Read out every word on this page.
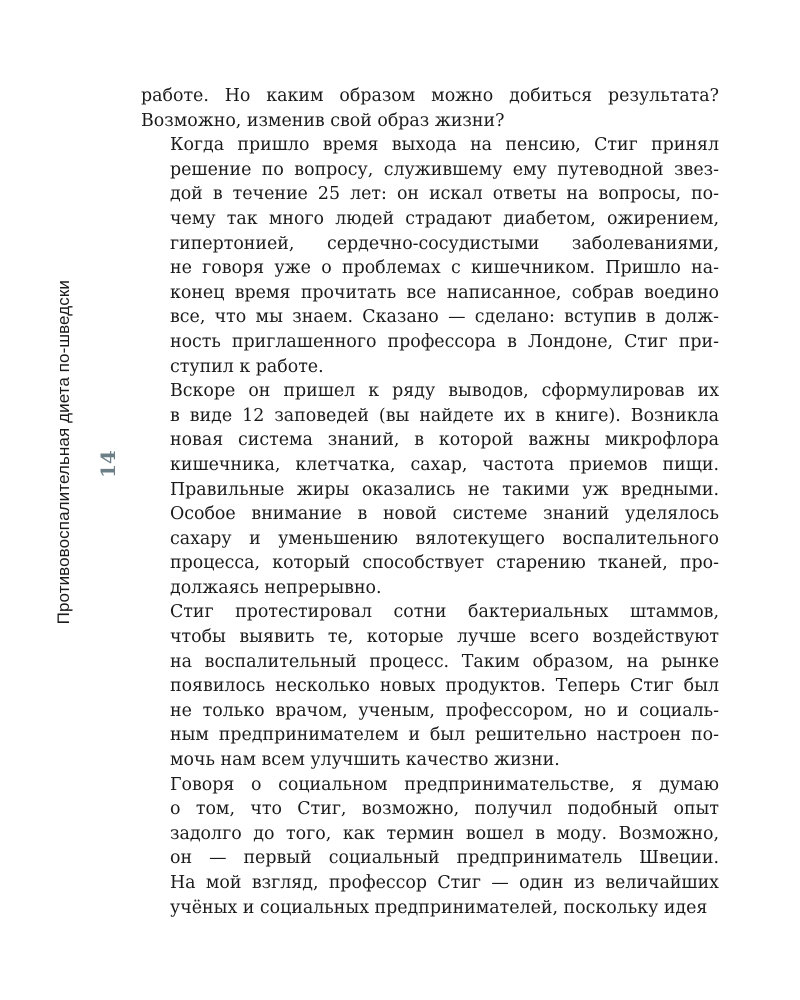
Противовоспалительная диета по-шведски 14
работе. Но каким образом можно добиться результата?
Возможно, изменив свой образ жизни?
Когда пришло время выхода на пенсию, Стиг принял
решение по вопросу, служившему ему путеводной звез-
дой в течение 25 лет: он искал ответы на вопросы, по-
чему так много людей страдают диабетом, ожирением,
гипертонией, сердечно-сосудистыми заболеваниями,
не говоря уже о проблемах с кишечником. Пришло на-
конец время прочитать все написанное, собрав воедино
все, что мы знаем. Сказано — сделано: вступив в долж-
ность приглашенного профессора в Лондоне, Стиг при-
ступил к работе.
Вскоре он пришел к ряду выводов, сформулировав их
в виде 12 заповедей (вы найдете их в книге). Возникла
новая система знаний, в которой важны микрофлора
кишечника, клетчатка, сахар, частота приемов пищи.
Правильные жиры оказались не такими уж вредными.
Особое внимание в новой системе знаний уделялось
сахару и уменьшению вялотекущего воспалительного
процесса, который способствует старению тканей, про-
должаясь непрерывно.
Стиг протестировал сотни бактериальных штаммов,
чтобы выявить те, которые лучше всего воздействуют
на воспалительный процесс. Таким образом, на рынке
появилось несколько новых продуктов. Теперь Стиг был
не только врачом, ученым, профессором, но и социаль-
ным предпринимателем и был решительно настроен по-
мочь нам всем улучшить качество жизни.
Говоря о социальном предпринимательстве, я думаю
о том, что Стиг, возможно, получил подобный опыт
задолго до того, как термин вошел в моду. Возможно,
он — первый социальный предприниматель Швеции.
На мой взгляд, профессор Стиг — один из величайших
учёных и социальных предпринимателей, поскольку идея
